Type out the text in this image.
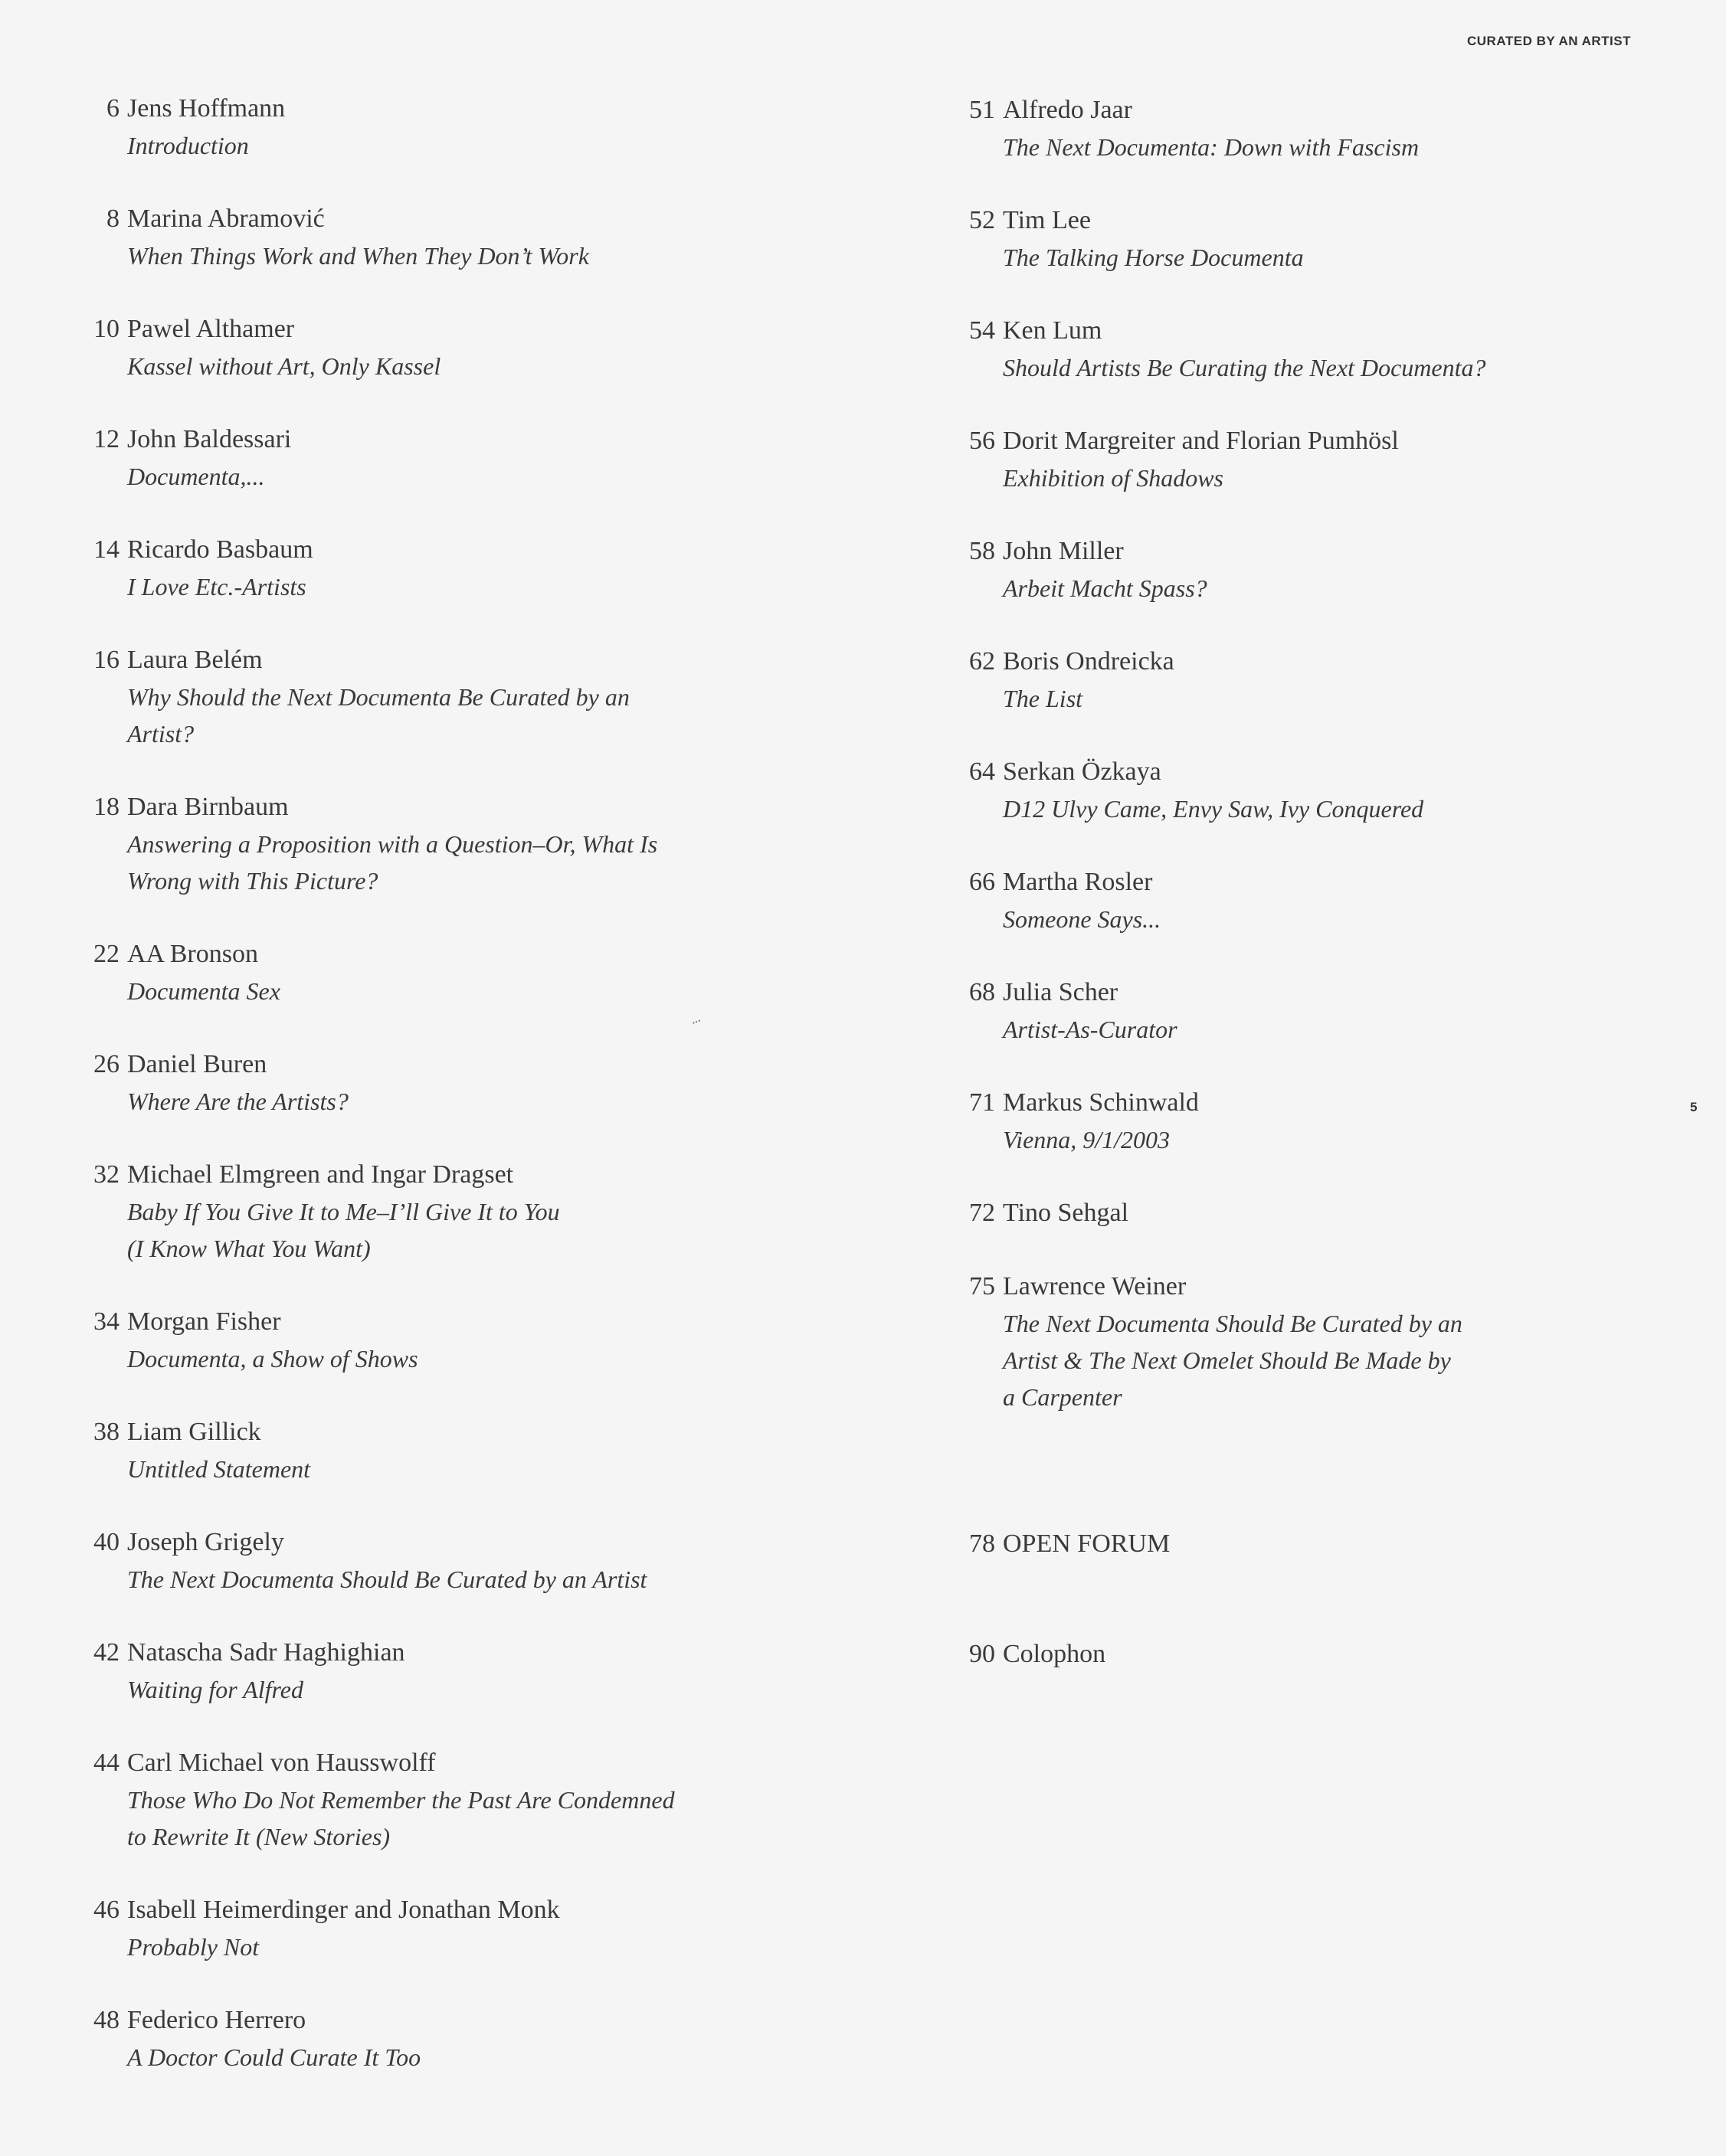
CURATED BY AN ARTIST
5
6 Jens Hoffmann
Introduction
8 Marina Abramović
When Things Work and When They Don’t Work
10 Pawel Althamer
Kassel without Art, Only Kassel
12 John Baldessari
Documenta,...
14 Ricardo Basbaum
I Love Etc.-Artists
16 Laura Belém
Why Should the Next Documenta Be Curated by an
Artist?
18 Dara Birnbaum
Answering a Proposition with a Question–Or, What Is
Wrong with This Picture?
22 AA Bronson
Documenta Sex
26 Daniel Buren
Where Are the Artists?
32 Michael Elmgreen and Ingar Dragset
Baby If You Give It to Me–I’ll Give It to You
(I Know What You Want)
34 Morgan Fisher
Documenta, a Show of Shows
38 Liam Gillick
Untitled Statement
40 Joseph Grigely
The Next Documenta Should Be Curated by an Artist
42 Natascha Sadr Haghighian
Waiting for Alfred
44 Carl Michael von Hausswolff
Those Who Do Not Remember the Past Are Condemned
to Rewrite It (New Stories)
46 Isabell Heimerdinger and Jonathan Monk
Probably Not
48 Federico Herrero
A Doctor Could Curate It Too
51 Alfredo Jaar
The Next Documenta: Down with Fascism
52 Tim Lee
The Talking Horse Documenta
54 Ken Lum
Should Artists Be Curating the Next Documenta?
56 Dorit Margreiter and Florian Pumhösl
Exhibition of Shadows
58 John Miller
Arbeit Macht Spass?
62 Boris Ondreicka
The List
64 Serkan Özkaya
D12 Ulvy Came, Envy Saw, Ivy Conquered
66 Martha Rosler
Someone Says...
68 Julia Scher
Artist-As-Curator
71 Markus Schinwald
Vienna, 9/1/2003
72 Tino Sehgal
75 Lawrence Weiner
The Next Documenta Should Be Curated by an
Artist & The Next Omelet Should Be Made by
a Carpenter
78 OPEN FORUM
90 Colophon
